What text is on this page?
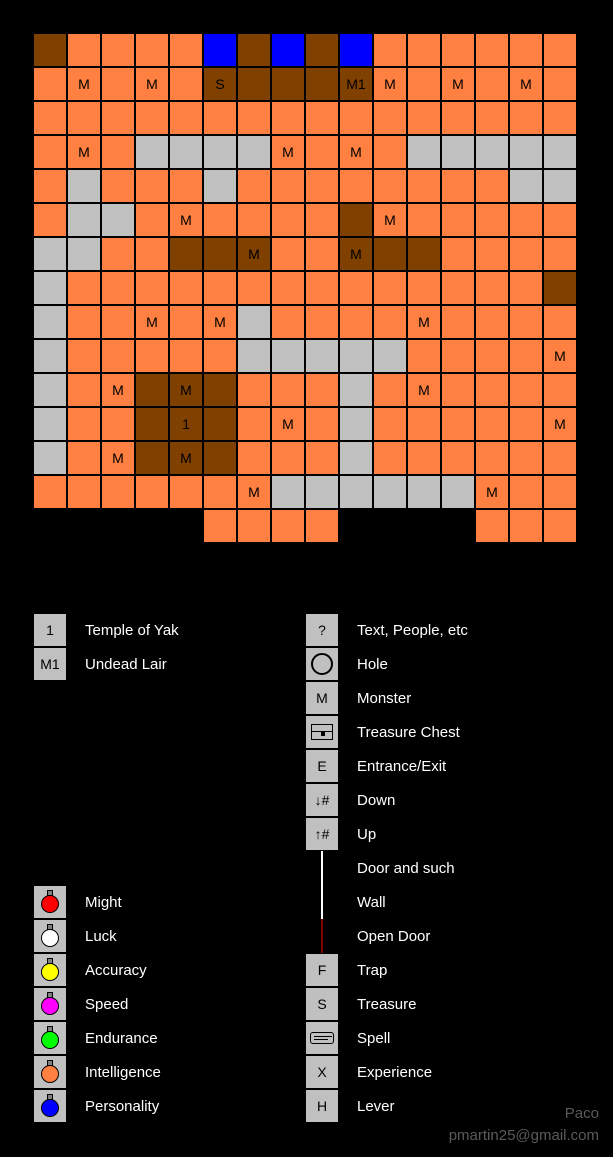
M	M	S	M1	M	M	M
M	M	M
M	M
M	M
M	M	M
M
M	M	M
1	M	M
M	M
M	M
1	Temple of Yak
M1	Undead Lair
?	Text, People, etc
Hole
M	Monster
Treasure Chest
E	Entrance/Exit
↓#	Down
↑#	Up
Door and such
Wall
Open Door
F	Trap
S	Treasure
Spell
X	Experience
H	Lever
Might
Luck
Accuracy
Speed
Endurance
Intelligence
Personality	Paco
pmartin25@gmail.com
